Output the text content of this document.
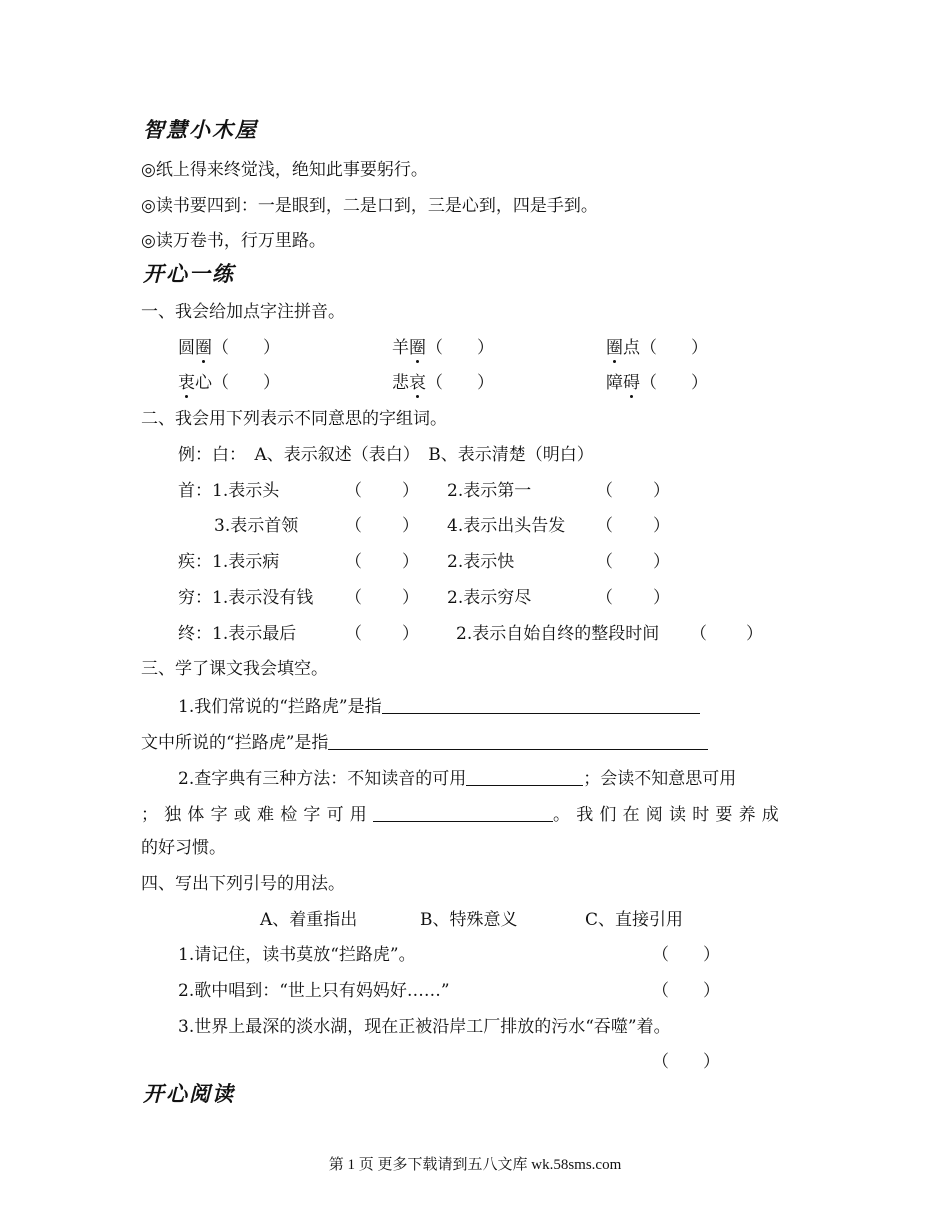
智慧小木屋
◎纸上得来终觉浅，绝知此事要躬行。
◎读书要四到：一是眼到，二是口到，三是心到，四是手到。
◎读万卷书，行万里路。
开心一练
一、我会给加点字注拼音。
圆圈（　　）	羊圈（　　）	圈点（　　）
衷心（　　）	悲哀（　　）	障碍（　　）
二、我会用下列表示不同意思的字组词。
例：白：　A、表示叙述（表白）　B、表示清楚（明白）
首：1.表示头	（ ） 2.表示第一	（ ）
3.表示首领	（ ） 4.表示出头告发 （ ）
疾：1.表示病	（ ） 2.表示快	（ ）
穷：1.表示没有钱 （ ） 2.表示穷尽	（ ）
终：1.表示最后	（ ） 2.表示自始自终的整段时间 （ ）
三、学了课文我会填空。
1.我们常说的“拦路虎”是指
文中所说的“拦路虎”是指
2.查字典有三种方法：不知读音的可用	；会读不知意思可用
；独体字或难检字可用	。我们在阅读时要养成
的好习惯。
四、写出下列引号的用法。
A、着重指出	B、特殊意义	C、直接引用
1.请记住，读书莫放“拦路虎”。	（　　）
2.歌中唱到：“世上只有妈妈好……”	（　　）
3.世界上最深的淡水湖，现在正被沿岸工厂排放的污水“吞噬”着。
（　　）
开心阅读
第 1 页 更多下载请到五八文库 wk.58sms.com
